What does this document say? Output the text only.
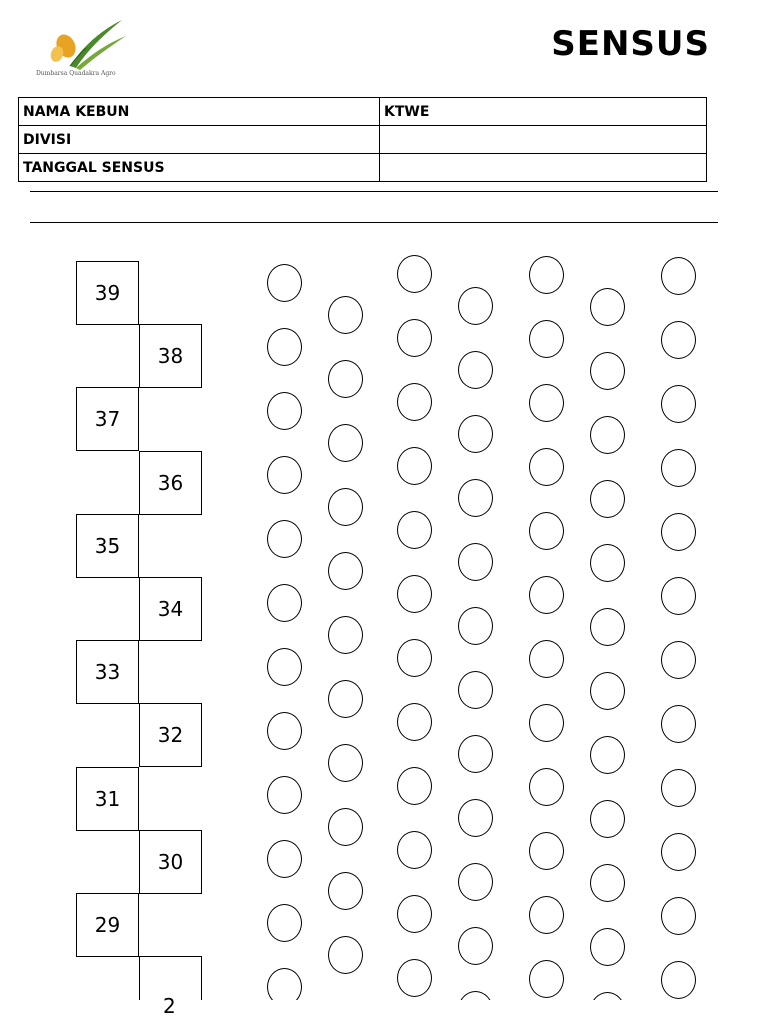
Dumbarsa Quadakra Agro
SENSUS
NAMA KEBUN	KTWE
DIVISI	
TANGGAL SENSUS	
39
38
37
36
35
34
33
32
31
30
29
2
